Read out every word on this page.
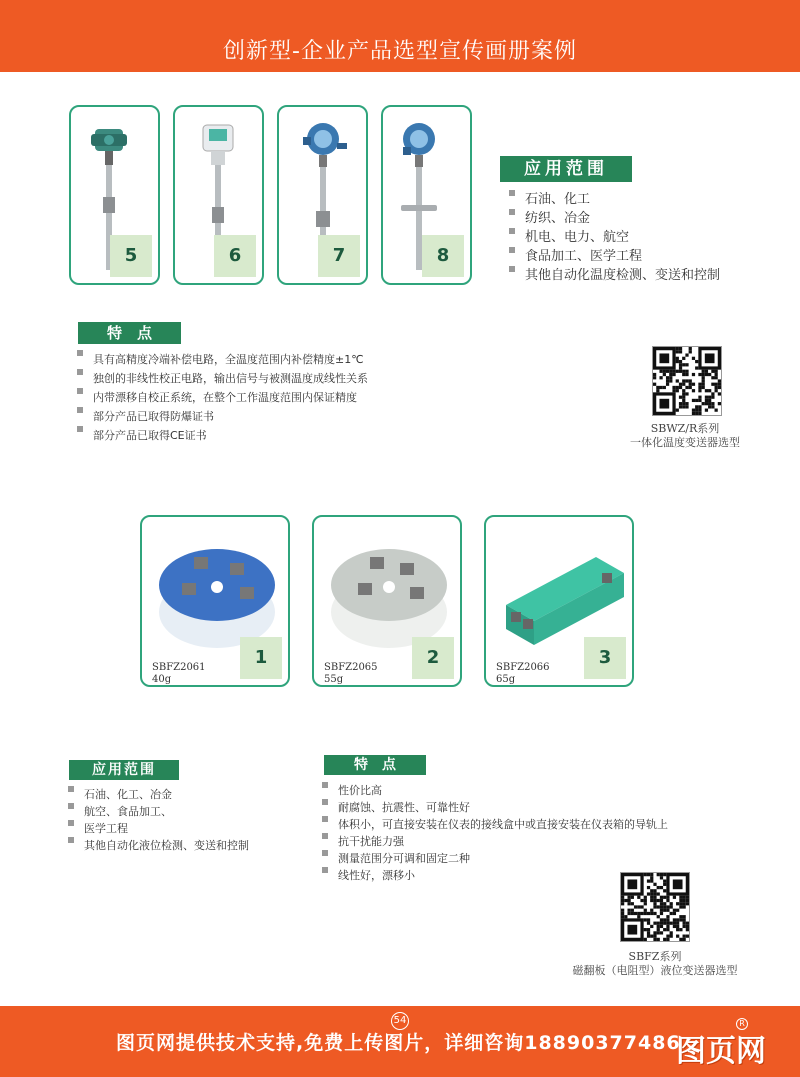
创新型-企业产品选型宣传画册案例
5	6	7	8
应用范围
石油、化工
纺织、冶金
机电、电力、航空
食品加工、医学工程
其他自动化温度检测、变送和控制
特　点
具有高精度冷端补偿电路，全温度范围内补偿精度±1℃
独创的非线性校正电路，输出信号与被测温度成线性关系
内带漂移自校正系统，在整个工作温度范围内保证精度
部分产品已取得防爆证书
部分产品已取得CE证书
SBWZ/R系列
一体化温度变送器选型
SBFZ2061
40g
1	SBFZ2065
55g
2	SBFZ2066
65g
3
应用范围
石油、化工、冶金
航空、食品加工、
医学工程
其他自动化液位检测、变送和控制
特　点
性价比高
耐腐蚀、抗震性、可靠性好
体积小，可直接安装在仪表的接线盒中或直接安装在仪表箱的导轨上
抗干扰能力强
测量范围分可调和固定二种
线性好，漂移小
SBFZ系列
磁翻板（电阻型）液位变送器选型
54
图页网提供技术支持,免费上传图片，详细咨询18890377486
图页网
R
